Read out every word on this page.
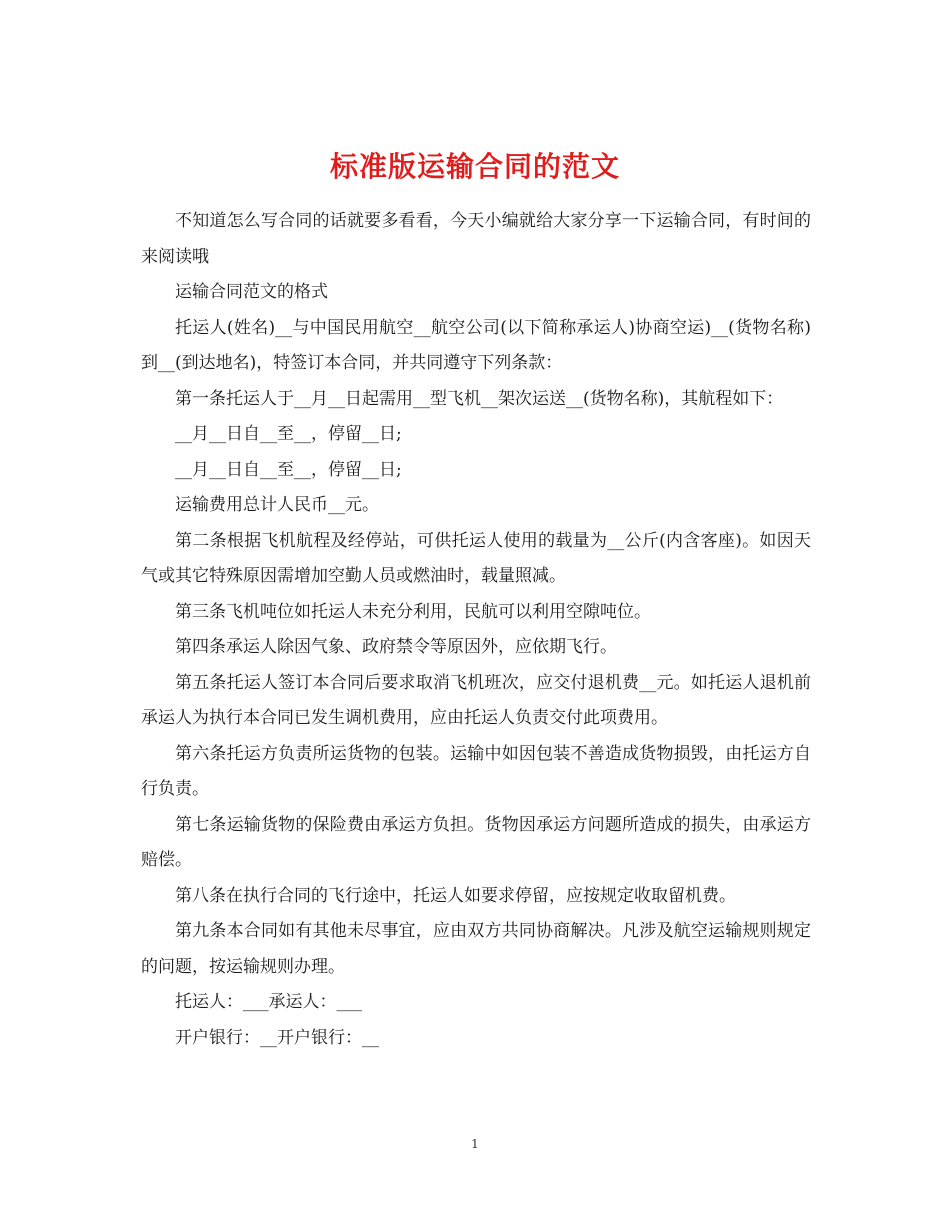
标准版运输合同的范文

不知道怎么写合同的话就要多看看，今天小编就给大家分享一下运输合同，有时间的来阅读哦

运输合同范文的格式

托运人(姓名)__与中国民用航空__航空公司(以下简称承运人)协商空运)__(货物名称)到__(到达地名)，特签订本合同，并共同遵守下列条款：

第一条托运人于__月__日起需用__型飞机__架次运送__(货物名称)，其航程如下：

__月__日自__至__，停留__日;

__月__日自__至__，停留__日;

运输费用总计人民币__元。

第二条根据飞机航程及经停站，可供托运人使用的载量为__公斤(内含客座)。如因天气或其它特殊原因需增加空勤人员或燃油时，载量照减。

第三条飞机吨位如托运人未充分利用，民航可以利用空隙吨位。

第四条承运人除因气象、政府禁令等原因外，应依期飞行。

第五条托运人签订本合同后要求取消飞机班次，应交付退机费__元。如托运人退机前承运人为执行本合同已发生调机费用，应由托运人负责交付此项费用。

第六条托运方负责所运货物的包装。运输中如因包装不善造成货物损毁，由托运方自行负责。

第七条运输货物的保险费由承运方负担。货物因承运方问题所造成的损失，由承运方赔偿。

第八条在执行合同的飞行途中，托运人如要求停留，应按规定收取留机费。

第九条本合同如有其他未尽事宜，应由双方共同协商解决。凡涉及航空运输规则规定的问题，按运输规则办理。

托运人：___承运人：___

开户银行：__开户银行：__

1
